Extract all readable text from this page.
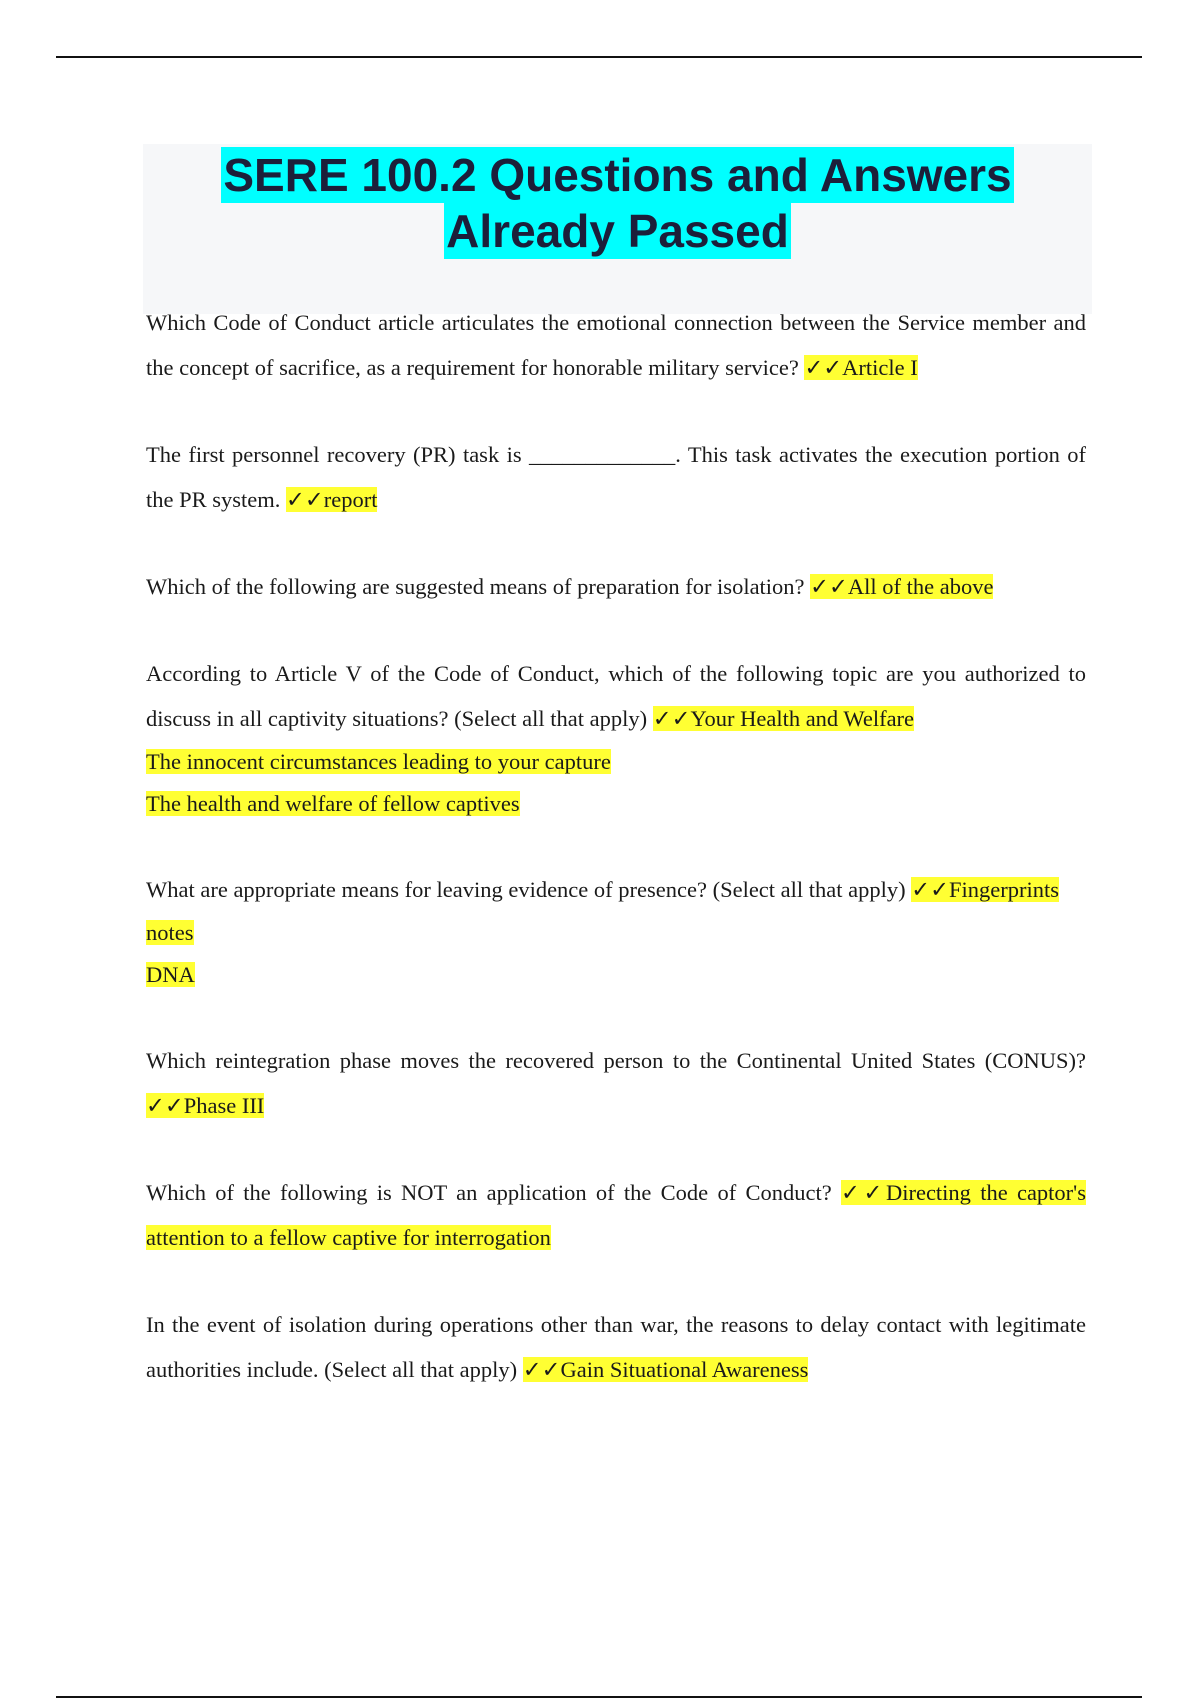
SERE 100.2 Questions and Answers
Already Passed

Which Code of Conduct article articulates the emotional connection between the Service member and the concept of sacrifice, as a requirement for honorable military service? ✓✓Article I

The first personnel recovery (PR) task is _____________. This task activates the execution portion of the PR system. ✓✓report

Which of the following are suggested means of preparation for isolation? ✓✓All of the above

According to Article V of the Code of Conduct, which of the following topic are you authorized to discuss in all captivity situations? (Select all that apply) ✓✓Your Health and Welfare

The innocent circumstances leading to your capture

The health and welfare of fellow captives

What are appropriate means for leaving evidence of presence? (Select all that apply) ✓✓Fingerprints

notes

DNA

Which reintegration phase moves the recovered person to the Continental United States (CONUS)? ✓✓Phase III

Which of the following is NOT an application of the Code of Conduct? ✓✓Directing the captor's attention to a fellow captive for interrogation

In the event of isolation during operations other than war, the reasons to delay contact with legitimate authorities include. (Select all that apply) ✓✓Gain Situational Awareness
